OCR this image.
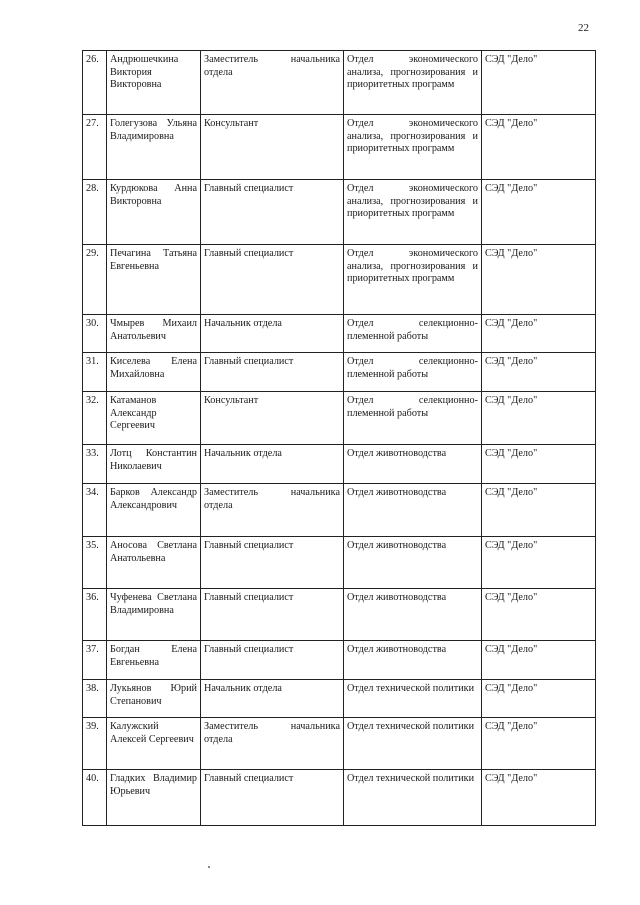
22
26.	Андрюшечкина Виктория Викторовна	Заместитель начальника отдела	Отдел экономического анализа, прогнозирования и приоритетных программ	СЭД "Дело"
27.	Голегузова Ульяна Владимировна	Консультант	Отдел экономического анализа, прогнозирования и приоритетных программ	СЭД "Дело"
28.	Курдюкова Анна Викторовна	Главный специалист	Отдел экономического анализа, прогнозирования и приоритетных программ	СЭД "Дело"
29.	Печагина Татьяна Евгеньевна	Главный специалист	Отдел экономического анализа, прогнозирования и приоритетных программ	СЭД "Дело"
30.	Чмырев Михаил Анатольевич	Начальник отдела	Отдел селекционно-племенной работы	СЭД "Дело"
31.	Киселева Елена Михайловна	Главный специалист	Отдел селекционно-племенной работы	СЭД "Дело"
32.	Катаманов Александр Сергеевич	Консультант	Отдел селекционно-племенной работы	СЭД "Дело"
33.	Лотц Константин Николаевич	Начальник отдела	Отдел животноводства	СЭД "Дело"
34.	Барков Александр Александрович	Заместитель начальника отдела	Отдел животноводства	СЭД "Дело"
35.	Аносова Светлана Анатольевна	Главный специалист	Отдел животноводства	СЭД "Дело"
36.	Чуфенева Светлана Владимировна	Главный специалист	Отдел животноводства	СЭД "Дело"
37.	Богдан Елена Евгеньевна	Главный специалист	Отдел животноводства	СЭД "Дело"
38.	Лукьянов Юрий Степанович	Начальник отдела	Отдел технической политики	СЭД "Дело"
39.	Калужский Алексей Сергеевич	Заместитель начальника отдела	Отдел технической политики	СЭД "Дело"
40.	Гладких Владимир Юрьевич	Главный специалист	Отдел технической политики	СЭД "Дело"
